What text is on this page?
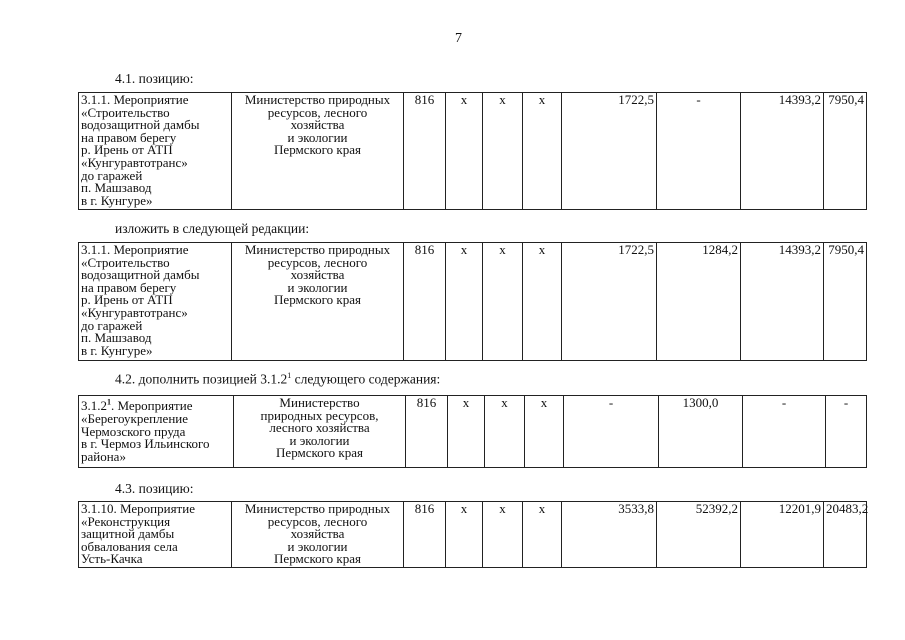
7
4.1. позицию:
3.1.1. Мероприятие
«Строительство
водозащитной дамбы
на правом берегу
р. Ирень от АТП
«Кунгуравтотранс»
до гаражей
п. Машзавод
в г. Кунгуре»	Министерство природных
ресурсов, лесного
хозяйства
и экологии
Пермского края	816	x	x	x	1722,5	-	14393,2	7950,4
изложить в следующей редакции:
3.1.1. Мероприятие
«Строительство
водозащитной дамбы
на правом берегу
р. Ирень от АТП
«Кунгуравтотранс»
до гаражей
п. Машзавод
в г. Кунгуре»	Министерство природных
ресурсов, лесного
хозяйства
и экологии
Пермского края	816	x	x	x	1722,5	1284,2	14393,2	7950,4
4.2. дополнить позицией 3.1.2$^1$ следующего содержания:
3.1.2$^1$. Мероприятие
«Берегоукрепление
Чермозского пруда
в г. Чермоз Ильинского
района»	Министерство
природных ресурсов,
лесного хозяйства
и экологии
Пермского края	816	x	x	x	-	1300,0	-	-
4.3. позицию:
3.1.10. Мероприятие
«Реконструкция
защитной дамбы
обвалования села
Усть-Качка	Министерство природных
ресурсов, лесного
хозяйства
и экологии
Пермского края	816	x	x	x	3533,8	52392,2	12201,9	20483,2
